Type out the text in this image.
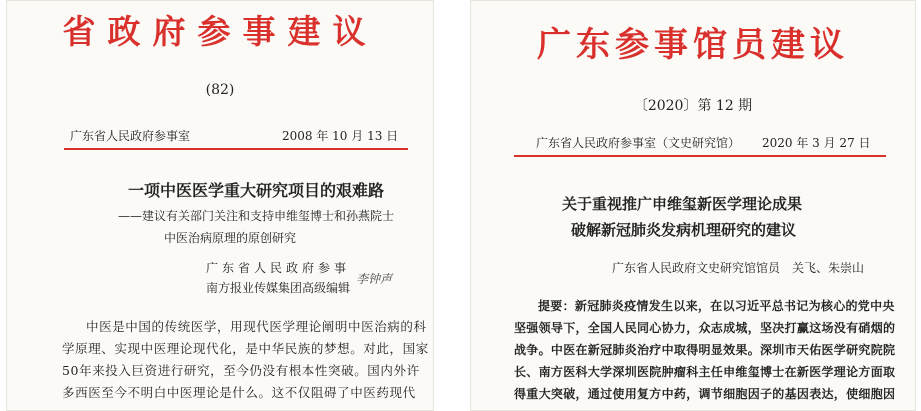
省政府参事建议
(82)
广东省人民政府参事室	2008 年 10 月 13 日
一项中医医学重大研究项目的艰难路
——建议有关部门关注和支持申维玺博士和孙燕院士
中医治病原理的原创研究
广东省人民政府参事
南方报业传媒集团高级编辑
李钟声
中医是中国的传统医学，用现代医学理论阐明中医治病的科
学原理、实现中医理论现代化，是中华民族的梦想。对此，国家
50年来投入巨资进行研究，至今仍没有根本性突破。国内外许
多西医至今不明白中医理论是什么。这不仅阻碍了中医药现代
广东参事馆员建议
〔2020〕第 12 期
广东省人民政府参事室（文史研究馆） 2020 年 3 月 27 日
关于重视推广申维玺新医学理论成果
破解新冠肺炎发病机理研究的建议
广东省人民政府文史研究馆馆员　关飞、朱崇山
提要：新冠肺炎疫情发生以来，在以习近平总书记为核心的党中央
坚强领导下，全国人民同心协力，众志成城，坚决打赢这场没有硝烟的
战争。中医在新冠肺炎治疗中取得明显效果。深圳市天佑医学研究院院
长、南方医科大学深圳医院肿瘤科主任申维玺博士在新医学理论方面取
得重大突破，通过使用复方中药，调节细胞因子的基因表达，使细胞因
